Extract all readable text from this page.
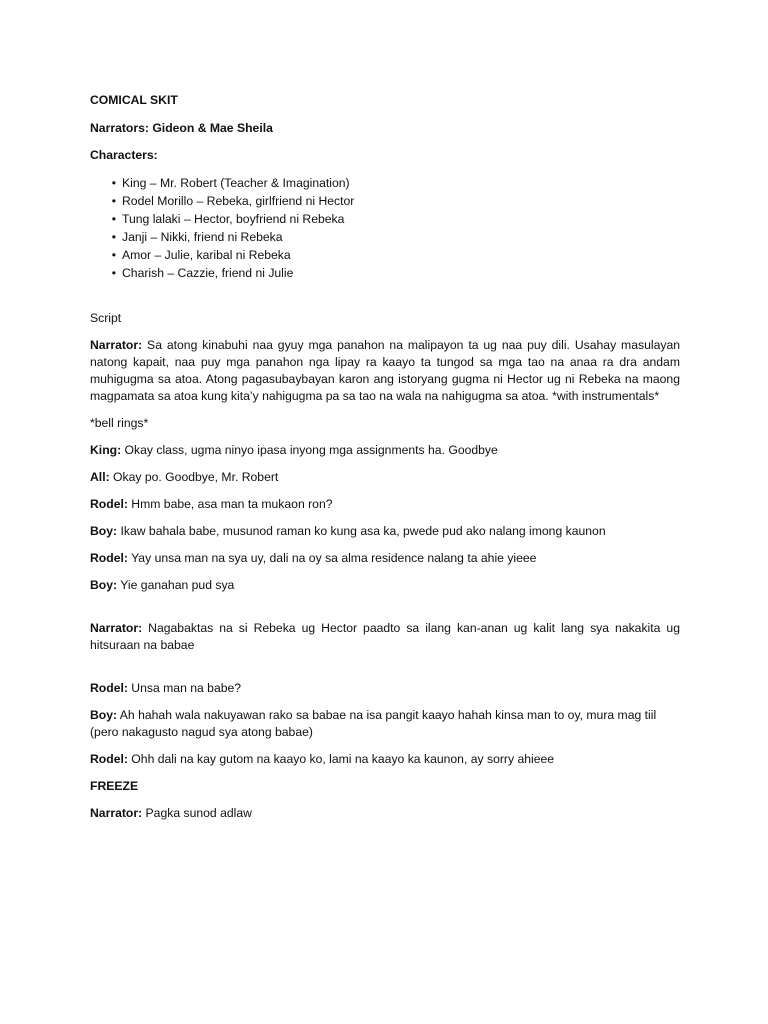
COMICAL SKIT

Narrators: Gideon & Mae Sheila

Characters:

• King – Mr. Robert (Teacher & Imagination)
• Rodel Morillo – Rebeka, girlfriend ni Hector
• Tung lalaki – Hector, boyfriend ni Rebeka
• Janji – Nikki, friend ni Rebeka
• Amor – Julie, karibal ni Rebeka
• Charish – Cazzie, friend ni Julie

Script

Narrator: Sa atong kinabuhi naa gyuy mga panahon na malipayon ta ug naa puy dili. Usahay masulayan natong kapait, naa puy mga panahon nga lipay ra kaayo ta tungod sa mga tao na anaa ra dra andam muhigugma sa atoa. Atong pagasubaybayan karon ang istoryang gugma ni Hector ug ni Rebeka na maong magpamata sa atoa kung kita’y nahigugma pa sa tao na wala na nahigugma sa atoa. *with instrumentals*

*bell rings*

King: Okay class, ugma ninyo ipasa inyong mga assignments ha. Goodbye

All: Okay po. Goodbye, Mr. Robert

Rodel: Hmm babe, asa man ta mukaon ron?

Boy: Ikaw bahala babe, musunod raman ko kung asa ka, pwede pud ako nalang imong kaunon

Rodel: Yay unsa man na sya uy, dali na oy sa alma residence nalang ta ahie yieee

Boy: Yie ganahan pud sya

Narrator: Nagabaktas na si Rebeka ug Hector paadto sa ilang kan-anan ug kalit lang sya nakakita ug hitsuraan na babae

Rodel: Unsa man na babe?

Boy: Ah hahah wala nakuyawan rako sa babae na isa pangit kaayo hahah kinsa man to oy, mura mag tiil (pero nakagusto nagud sya atong babae)

Rodel: Ohh dali na kay gutom na kaayo ko, lami na kaayo ka kaunon, ay sorry ahieee

FREEZE

Narrator: Pagka sunod adlaw
